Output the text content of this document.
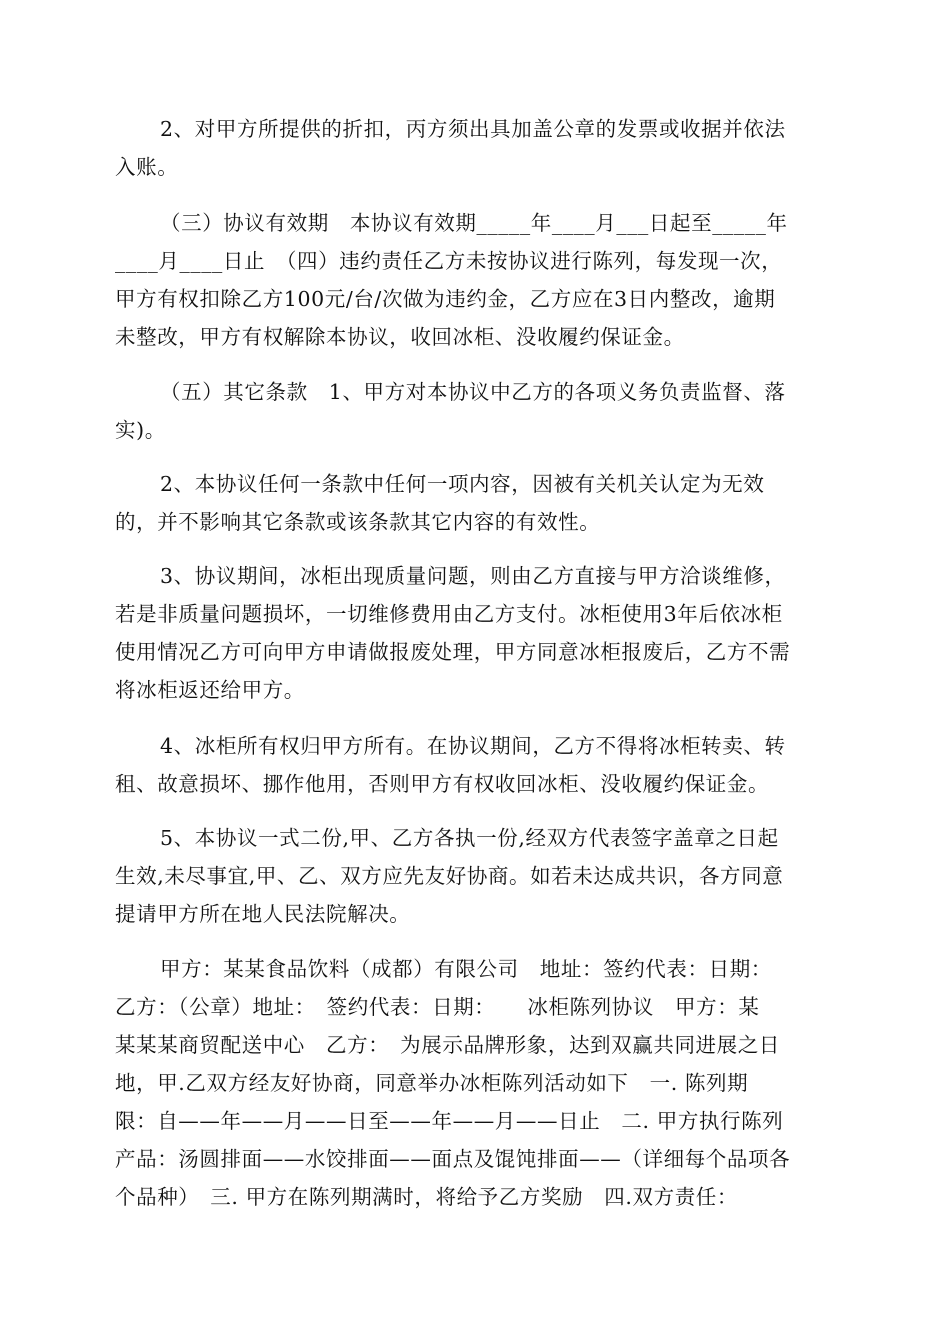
2、对甲方所提供的折扣，丙方须出具加盖公章的发票或收据并依法
入账。
（三）协议有效期　本协议有效期_____年____月___日起至_____年
____月____日止　（四）违约责任乙方未按协议进行陈列，每发现一次，
甲方有权扣除乙方100元/台/次做为违约金，乙方应在3日内整改，逾期
未整改，甲方有权解除本协议，收回冰柜、没收履约保证金。
（五）其它条款　1、甲方对本协议中乙方的各项义务负责监督、落
实)。
2、本协议任何一条款中任何一项内容，因被有关机关认定为无效
的，并不影响其它条款或该条款其它内容的有效性。
3、协议期间，冰柜出现质量问题，则由乙方直接与甲方洽谈维修，
若是非质量问题损坏，一切维修费用由乙方支付。冰柜使用3年后依冰柜
使用情况乙方可向甲方申请做报废处理，甲方同意冰柜报废后，乙方不需
将冰柜返还给甲方。
4、冰柜所有权归甲方所有。在协议期间，乙方不得将冰柜转卖、转
租、故意损坏、挪作他用，否则甲方有权收回冰柜、没收履约保证金。
5、本协议一式二份,甲、乙方各执一份,经双方代表签字盖章之日起
生效,未尽事宜,甲、乙、双方应先友好协商。如若未达成共识，各方同意
提请甲方所在地人民法院解决。
甲方：某某食品饮料（成都）有限公司　地址：签约代表：日期：
乙方：（公章）地址：　签约代表：日期：　　冰柜陈列协议　甲方：某
某某某商贸配送中心　乙方：　为展示品牌形象，达到双赢共同进展之日
地，甲.乙双方经友好协商，同意举办冰柜陈列活动如下　一. 陈列期
限：自——年——月——日至——年——月——日止　二. 甲方执行陈列
产品：汤圆排面——水饺排面——面点及馄饨排面——（详细每个品项各
个品种）　三. 甲方在陈列期满时，将给予乙方奖励　四.双方责任：
